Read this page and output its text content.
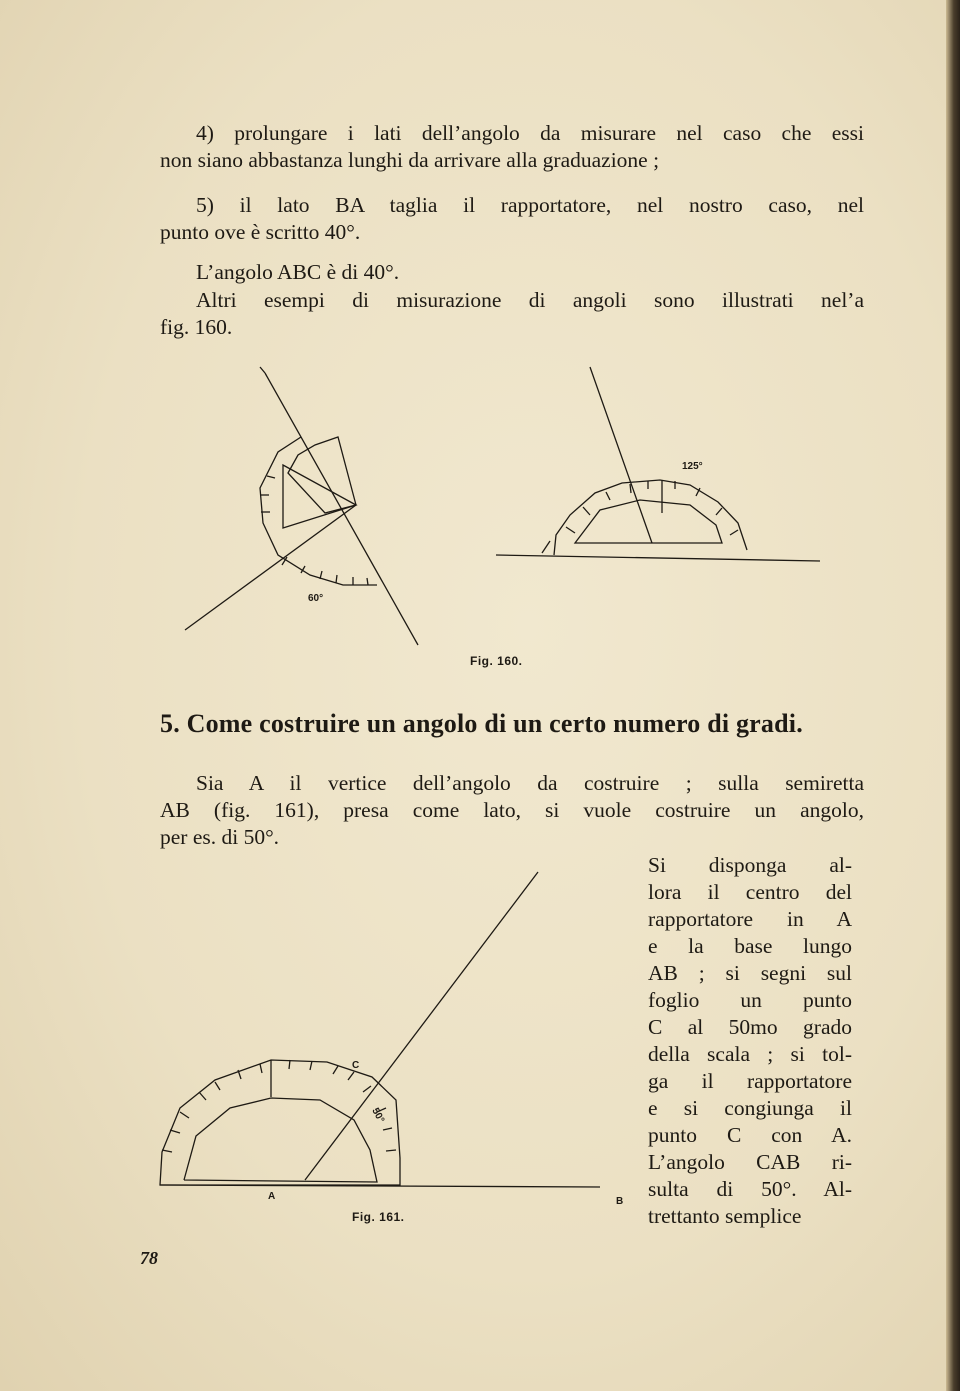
4) prolungare i lati dell’angolo da misurare nel caso che essi

non siano abbastanza lunghi da arrivare alla graduazione ;

5) il lato BA taglia il rapportatore, nel nostro caso, nel

punto ove è scritto 40°.

L’angolo ABC è di 40°.

Altri esempi di misurazione di angoli sono illustrati nel’a

fig. 160.

60°
125°
Fig. 160.
5. Come costruire un angolo di un certo numero di gradi.

Sia A il vertice dell’angolo da costruire ; sulla semiretta

AB (fig. 161), presa come lato, si vuole costruire un angolo,

per es. di 50°.

Si disponga al-

lora il centro del

rapportatore in A

e la base lungo

AB ; si segni sul

foglio un punto

C al 50mo grado

della scala ; si tol-

ga il rapportatore

e si congiunga il

punto C con A.

L’angolo CAB ri-

sulta di 50°. Al-

trettanto semplice

C
50°
A	B
Fig. 161.
78
